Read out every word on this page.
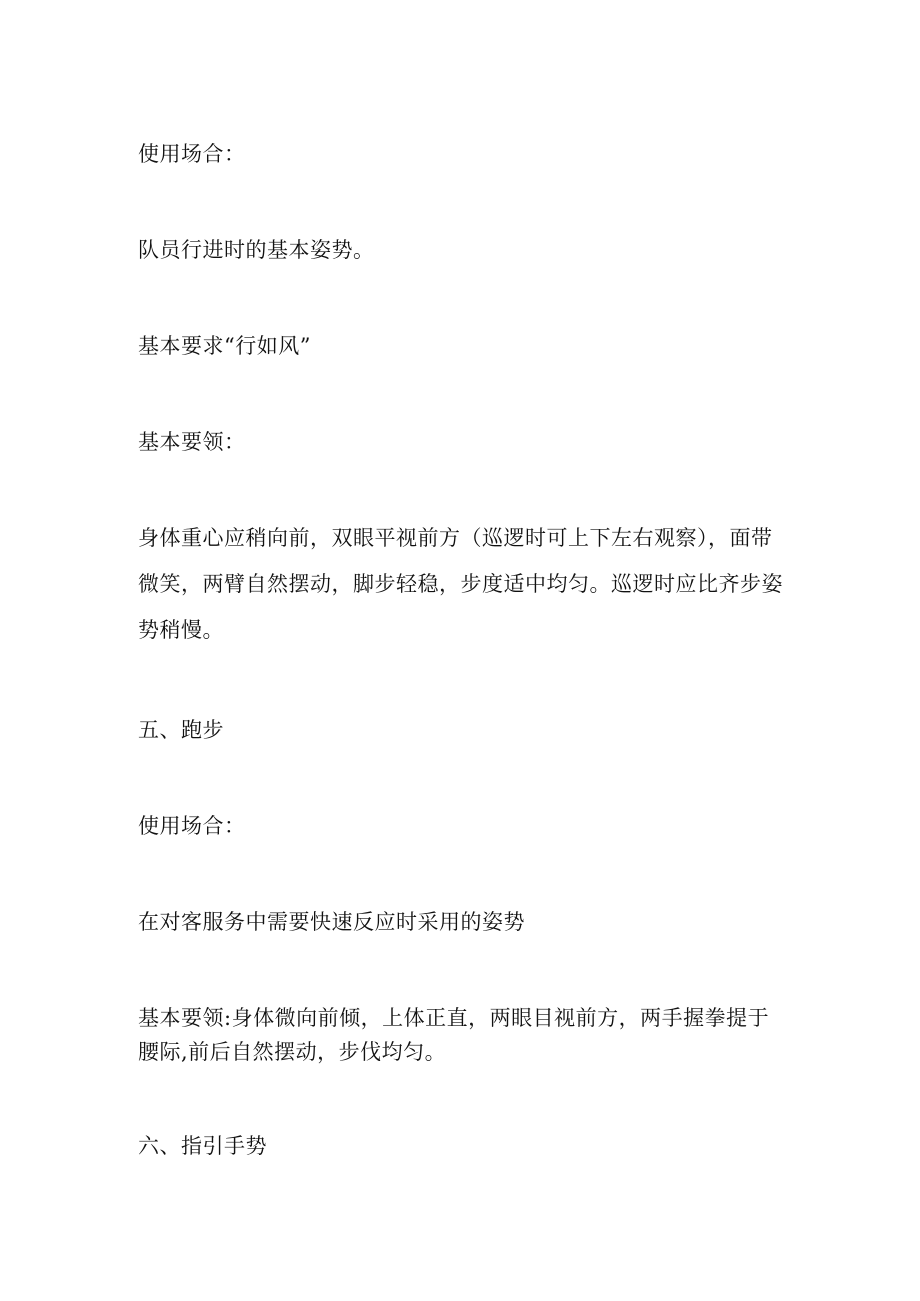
使用场合：

队员行进时的基本姿势。

基本要求“行如风”

基本要领：

身体重心应稍向前，双眼平视前方（巡逻时可上下左右观察），面带微笑，两臂自然摆动，脚步轻稳，步度适中均匀。巡逻时应比齐步姿势稍慢。

五、跑步

使用场合：

在对客服务中需要快速反应时采用的姿势

基本要领:身体微向前倾，上体正直，两眼目视前方，两手握拳提于腰际,前后自然摆动，步伐均匀。

六、指引手势
